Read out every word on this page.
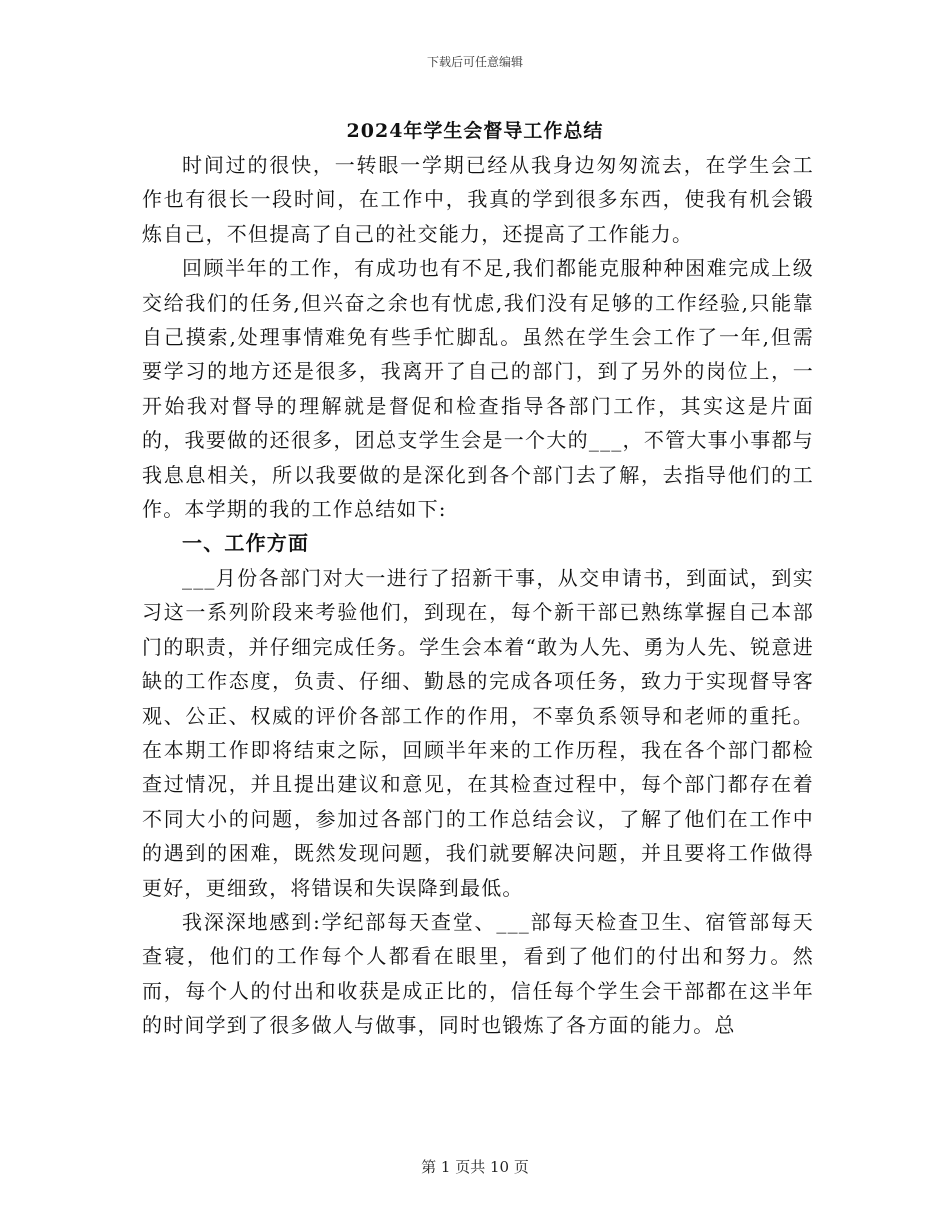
下载后可任意编辑
2024年学生会督导工作总结

时间过的很快，一转眼一学期已经从我身边匆匆流去，在学生会工作也有很长一段时间，在工作中，我真的学到很多东西，使我有机会锻炼自己，不但提高了自己的社交能力，还提高了工作能力。

回顾半年的工作，有成功也有不足,我们都能克服种种困难完成上级交给我们的任务,但兴奋之余也有忧虑,我们没有足够的工作经验,只能靠自己摸索,处理事情难免有些手忙脚乱。虽然在学生会工作了一年,但需要学习的地方还是很多，我离开了自己的部门，到了另外的岗位上，一开始我对督导的理解就是督促和检查指导各部门工作，其实这是片面的，我要做的还很多，团总支学生会是一个大的___，不管大事小事都与我息息相关，所以我要做的是深化到各个部门去了解，去指导他们的工作。本学期的我的工作总结如下:

一、工作方面

___月份各部门对大一进行了招新干事，从交申请书，到面试，到实习这一系列阶段来考验他们，到现在，每个新干部已熟练掌握自己本部门的职责，并仔细完成任务。学生会本着“敢为人先、勇为人先、锐意进缺的工作态度，负责、仔细、勤恳的完成各项任务，致力于实现督导客观、公正、权威的评价各部工作的作用，不辜负系领导和老师的重托。在本期工作即将结束之际，回顾半年来的工作历程，我在各个部门都检查过情况，并且提出建议和意见，在其检查过程中，每个部门都存在着不同大小的问题，参加过各部门的工作总结会议，了解了他们在工作中的遇到的困难，既然发现问题，我们就要解决问题，并且要将工作做得更好，更细致，将错误和失误降到最低。

我深深地感到:学纪部每天查堂、___部每天检查卫生、宿管部每天查寝，他们的工作每个人都看在眼里，看到了他们的付出和努力。然而，每个人的付出和收获是成正比的，信任每个学生会干部都在这半年的时间学到了很多做人与做事，同时也锻炼了各方面的能力。总

第 1 页共 10 页
